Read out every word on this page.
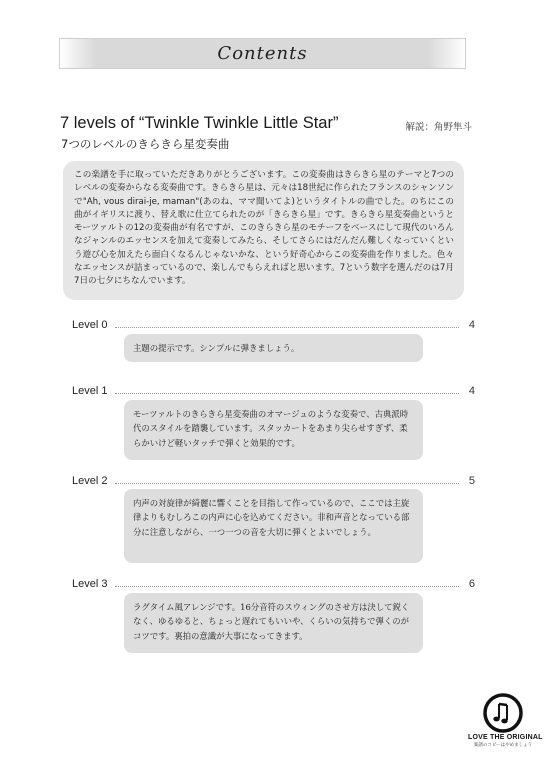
Contents
7 levels of “Twinkle Twinkle Little Star”
7つのレベルのきらきら星変奏曲
解説：角野隼斗
この楽譜を手に取っていただきありがとうございます。この変奏曲はきらきら星のテーマと7つのレベルの変奏からなる変奏曲です。きらきら星は、元々は18世紀に作られたフランスのシャンソンで"Ah, vous dirai-je, maman"(あのね、ママ聞いてよ)というタイトルの曲でした。のちにこの曲がイギリスに渡り、替え歌に仕立てられたのが「きらきら星」です。きらきら星変奏曲というとモーツァルトの12の変奏曲が有名ですが、このきらきら星のモチーフをベースにして現代のいろんなジャンルのエッセンスを加えて変奏してみたら、そしてさらにはだんだん難しくなっていくという遊び心を加えたら面白くなるんじゃないかな、という好奇心からこの変奏曲を作りました。色々なエッセンスが詰まっているので、楽しんでもらえればと思います。7という数字を選んだのは7月7日の七夕にちなんでいます。
Level 0	4
主題の提示です。シンプルに弾きましょう。
Level 1	4
モーツァルトのきらきら星変奏曲のオマージュのような変奏で、古典派時代のスタイルを踏襲しています。スタッカートをあまり尖らせすぎず、柔らかいけど軽いタッチで弾くと効果的です。
Level 2	5
内声の対旋律が綺麗に響くことを目指して作っているので、ここでは主旋律よりもむしろこの内声に心を込めてください。非和声音となっている部分に注意しながら、一つ一つの音を大切に弾くとよいでしょう。
Level 3	6
ラグタイム風アレンジです。16分音符のスウィングのさせ方は決して鋭くなく、ゆるゆると、ちょっと遅れてもいいや、くらいの気持ちで弾くのがコツです。裏拍の意識が大事になってきます。
LOVE THE ORIGINAL
楽譜のコピーはやめましょう
